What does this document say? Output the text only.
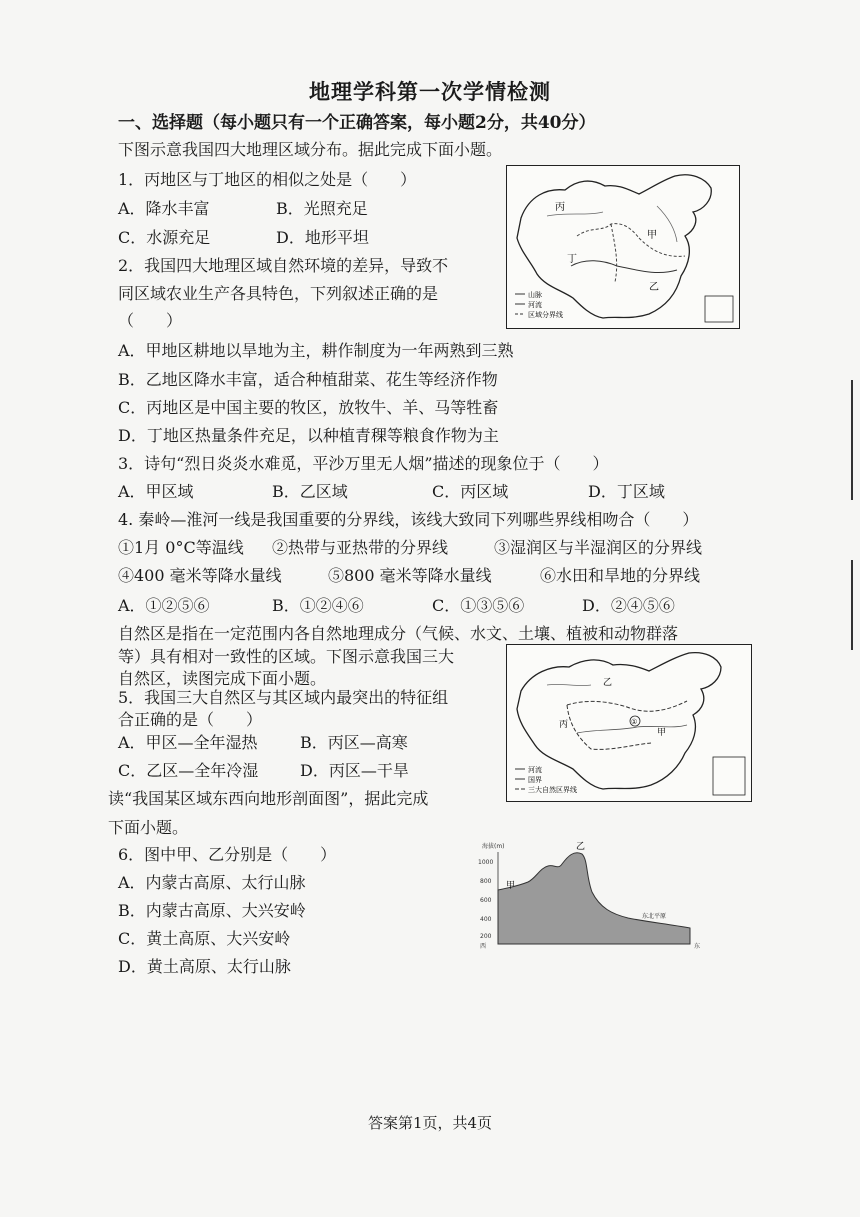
地理学科第一次学情检测
一、选择题（每小题只有一个正确答案，每小题2分，共40分）
下图示意我国四大地理区域分布。据此完成下面小题。
丙
甲
丁
乙
山脉
河流
区域分界线
1．丙地区与丁地区的相似之处是（　　）
A．降水丰富	B．光照充足
C．水源充足	D．地形平坦
2．我国四大地理区域自然环境的差异，导致不
同区域农业生产各具特色，下列叙述正确的是
（　　）
A．甲地区耕地以旱地为主，耕作制度为一年两熟到三熟
B．乙地区降水丰富，适合种植甜菜、花生等经济作物
C．丙地区是中国主要的牧区，放牧牛、羊、马等牲畜
D．丁地区热量条件充足，以种植青稞等粮食作物为主
3．诗句“烈日炎炎水难觅，平沙万里无人烟”描述的现象位于（　　）
A．甲区域	B．乙区域	C．丙区域	D．丁区域
4. 秦岭—淮河一线是我国重要的分界线，该线大致同下列哪些界线相吻合（　　）
①1月 0°C等温线 ②热带与亚热带的分界线	③湿润区与半湿润区的分界线
④400 毫米等降水量线	⑤800 毫米等降水量线	⑥水田和旱地的分界线
A．①②⑤⑥	B．①②④⑥	C．①③⑤⑥	D．②④⑤⑥
自然区是指在一定范围内各自然地理成分（气候、水文、土壤、植被和动物群落
等）具有相对一致性的区域。下图示意我国三大
自然区，读图完成下面小题。
①
乙
丙
甲
河流
国界
三大自然区界线
5．我国三大自然区与其区域内最突出的特征组
合正确的是（　　）
A．甲区—全年湿热	B．丙区—高寒
C．乙区—全年冷湿	D．丙区—干旱
读“我国某区域东西向地形剖面图”，据此完成
下面小题。
海拔(m)
1000
800
600
400
200
甲
乙
东北平原
西	东
6．图中甲、乙分别是（　　）
A．内蒙古高原、太行山脉
B．内蒙古高原、大兴安岭
C．黄土高原、大兴安岭
D．黄土高原、太行山脉
答案第1页，共4页
